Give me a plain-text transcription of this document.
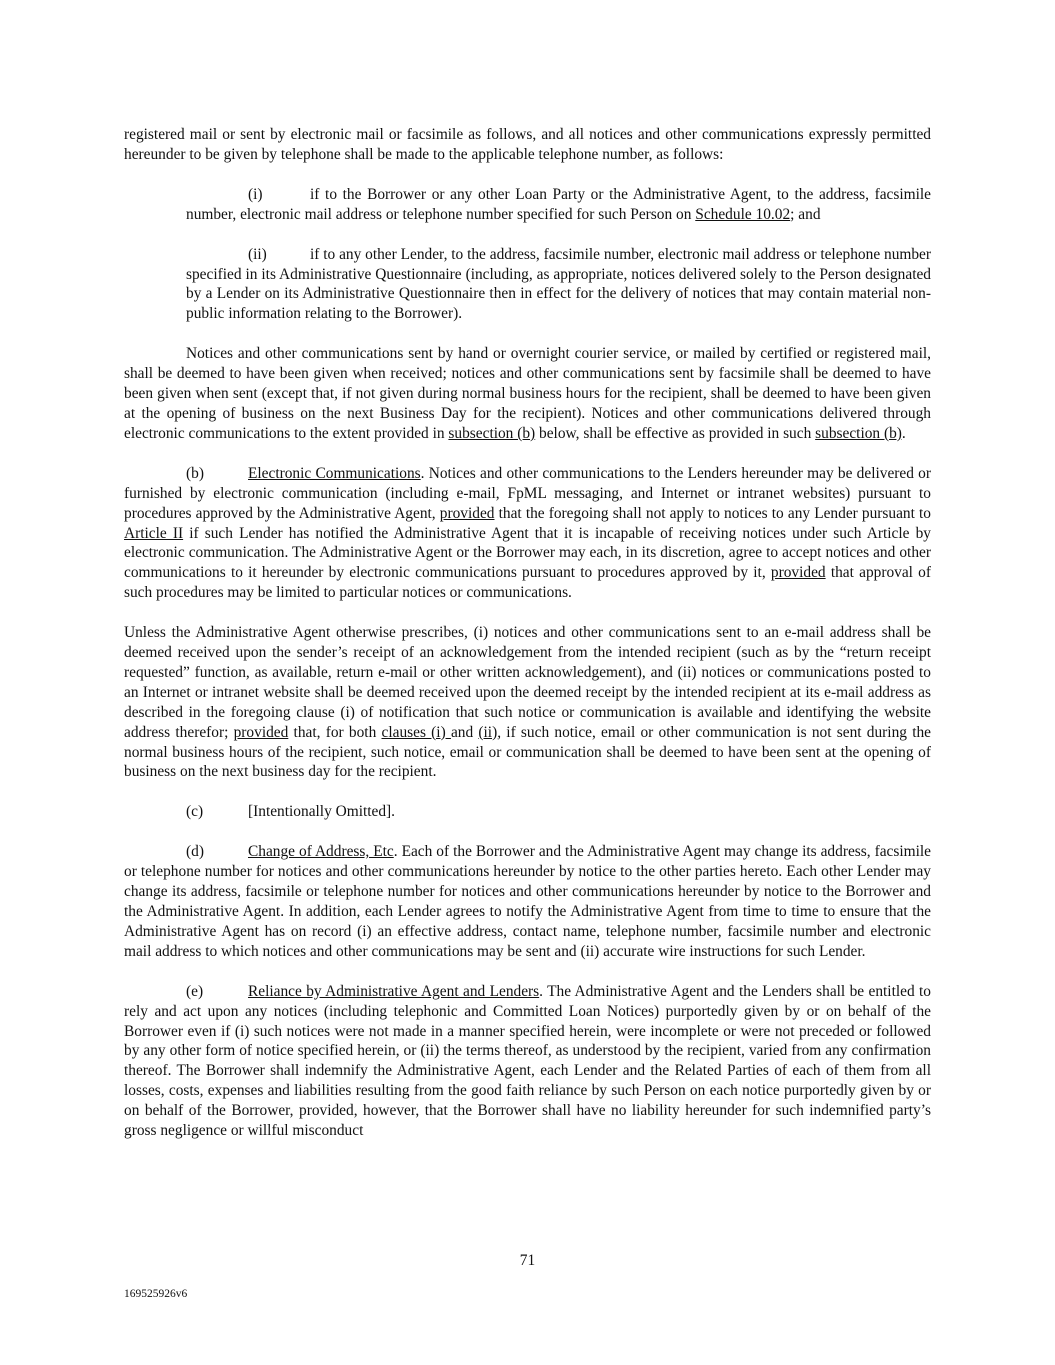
registered mail or sent by electronic mail or facsimile as follows, and all notices and other communications expressly permitted hereunder to be given by telephone shall be made to the applicable telephone number, as follows:

(i)	if to the Borrower or any other Loan Party or the Administrative Agent, to the address, facsimile number, electronic mail address or telephone number specified for such Person on Schedule 10.02; and

(ii)	if to any other Lender, to the address, facsimile number, electronic mail address or telephone number specified in its Administrative Questionnaire (including, as appropriate, notices delivered solely to the Person designated by a Lender on its Administrative Questionnaire then in effect for the delivery of notices that may contain material non-public information relating to the Borrower).

Notices and other communications sent by hand or overnight courier service, or mailed by certified or registered mail, shall be deemed to have been given when received; notices and other communications sent by facsimile shall be deemed to have been given when sent (except that, if not given during normal business hours for the recipient, shall be deemed to have been given at the opening of business on the next Business Day for the recipient). Notices and other communications delivered through electronic communications to the extent provided in subsection (b) below, shall be effective as provided in such subsection (b).

(b)	Electronic Communications. Notices and other communications to the Lenders hereunder may be delivered or furnished by electronic communication (including e-mail, FpML messaging, and Internet or intranet websites) pursuant to procedures approved by the Administrative Agent, provided that the foregoing shall not apply to notices to any Lender pursuant to Article II if such Lender has notified the Administrative Agent that it is incapable of receiving notices under such Article by electronic communication. The Administrative Agent or the Borrower may each, in its discretion, agree to accept notices and other communications to it hereunder by electronic communications pursuant to procedures approved by it, provided that approval of such procedures may be limited to particular notices or communications.

Unless the Administrative Agent otherwise prescribes, (i) notices and other communications sent to an e-mail address shall be deemed received upon the sender’s receipt of an acknowledgement from the intended recipient (such as by the “return receipt requested” function, as available, return e-mail or other written acknowledgement), and (ii) notices or communications posted to an Internet or intranet website shall be deemed received upon the deemed receipt by the intended recipient at its e-mail address as described in the foregoing clause (i) of notification that such notice or communication is available and identifying the website address therefor; provided that, for both clauses (i) and (ii), if such notice, email or other communication is not sent during the normal business hours of the recipient, such notice, email or communication shall be deemed to have been sent at the opening of business on the next business day for the recipient.

(c)	[Intentionally Omitted].

(d)	Change of Address, Etc. Each of the Borrower and the Administrative Agent may change its address, facsimile or telephone number for notices and other communications hereunder by notice to the other parties hereto. Each other Lender may change its address, facsimile or telephone number for notices and other communications hereunder by notice to the Borrower and the Administrative Agent. In addition, each Lender agrees to notify the Administrative Agent from time to time to ensure that the Administrative Agent has on record (i) an effective address, contact name, telephone number, facsimile number and electronic mail address to which notices and other communications may be sent and (ii) accurate wire instructions for such Lender.

(e)	Reliance by Administrative Agent and Lenders. The Administrative Agent and the Lenders shall be entitled to rely and act upon any notices (including telephonic and Committed Loan Notices) purportedly given by or on behalf of the Borrower even if (i) such notices were not made in a manner specified herein, were incomplete or were not preceded or followed by any other form of notice specified herein, or (ii) the terms thereof, as understood by the recipient, varied from any confirmation thereof. The Borrower shall indemnify the Administrative Agent, each Lender and the Related Parties of each of them from all losses, costs, expenses and liabilities resulting from the good faith reliance by such Person on each notice purportedly given by or on behalf of the Borrower, provided, however, that the Borrower shall have no liability hereunder for such indemnified party’s gross negligence or willful misconduct

71
169525926v6
